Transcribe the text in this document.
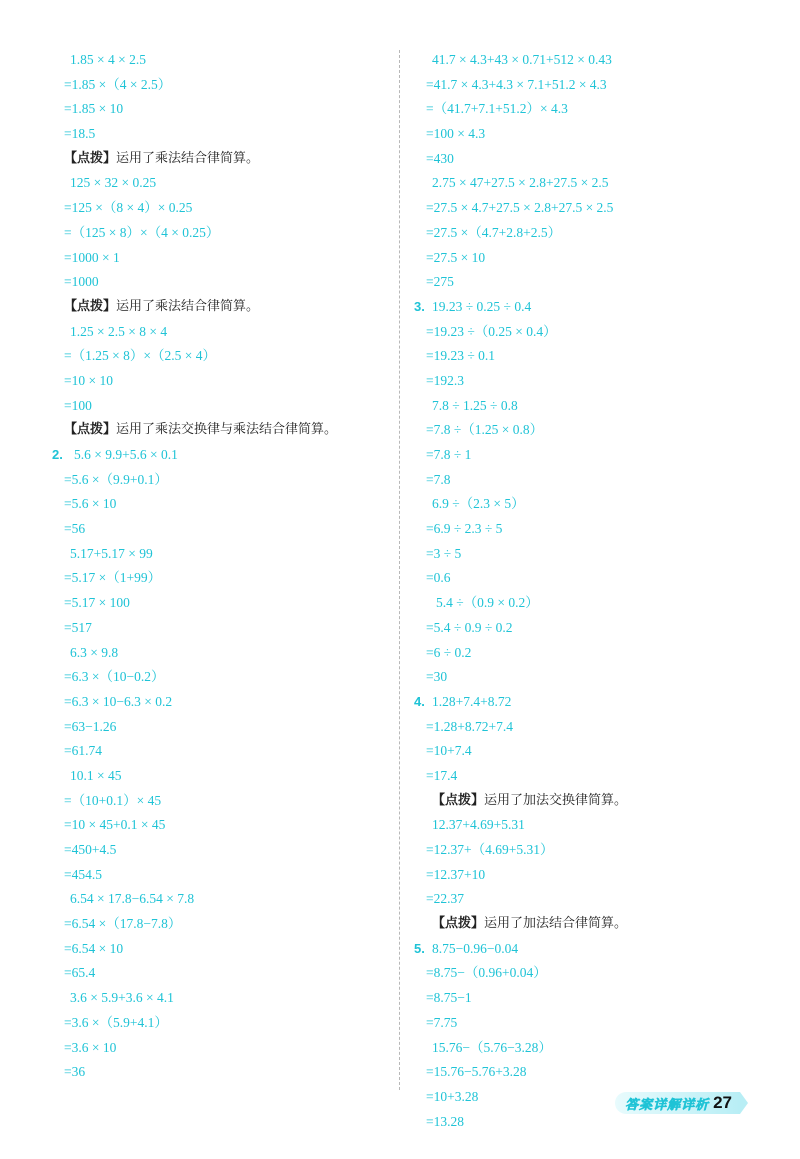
1.85 × 4 × 2.5
=1.85 ×（4 × 2.5）
=1.85 × 10
=18.5
【点拨】运用了乘法结合律简算。
125 × 32 × 0.25
=125 ×（8 × 4）× 0.25
=（125 × 8）×（4 × 0.25）
=1000 × 1
=1000
【点拨】运用了乘法结合律简算。
1.25 × 2.5 × 8 × 4
=（1.25 × 8）×（2.5 × 4）
=10 × 10
=100
【点拨】运用了乘法交换律与乘法结合律简算。
2. 5.6 × 9.9+5.6 × 0.1
=5.6 ×（9.9+0.1）
=5.6 × 10
=56
5.17+5.17 × 99
=5.17 ×（1+99）
=5.17 × 100
=517
6.3 × 9.8
=6.3 ×（10−0.2）
=6.3 × 10−6.3 × 0.2
=63−1.26
=61.74
10.1 × 45
=（10+0.1）× 45
=10 × 45+0.1 × 45
=450+4.5
=454.5
6.54 × 17.8−6.54 × 7.8
=6.54 ×（17.8−7.8）
=6.54 × 10
=65.4
3.6 × 5.9+3.6 × 4.1
=3.6 ×（5.9+4.1）
=3.6 × 10
=36
41.7 × 4.3+43 × 0.71+512 × 0.43
=41.7 × 4.3+4.3 × 7.1+51.2 × 4.3
=（41.7+7.1+51.2）× 4.3
=100 × 4.3
=430
2.75 × 47+27.5 × 2.8+27.5 × 2.5
=27.5 × 4.7+27.5 × 2.8+27.5 × 2.5
=27.5 ×（4.7+2.8+2.5）
=27.5 × 10
=275
3. 19.23 ÷ 0.25 ÷ 0.4
=19.23 ÷（0.25 × 0.4）
=19.23 ÷ 0.1
=192.3
7.8 ÷ 1.25 ÷ 0.8
=7.8 ÷（1.25 × 0.8）
=7.8 ÷ 1
=7.8
6.9 ÷（2.3 × 5）
=6.9 ÷ 2.3 ÷ 5
=3 ÷ 5
=0.6
5.4 ÷（0.9 × 0.2）
=5.4 ÷ 0.9 ÷ 0.2
=6 ÷ 0.2
=30
4. 1.28+7.4+8.72
=1.28+8.72+7.4
=10+7.4
=17.4
【点拨】运用了加法交换律简算。
12.37+4.69+5.31
=12.37+（4.69+5.31）
=12.37+10
=22.37
【点拨】运用了加法结合律简算。
5. 8.75−0.96−0.04
=8.75−（0.96+0.04）
=8.75−1
=7.75
15.76−（5.76−3.28）
=15.76−5.76+3.28
=10+3.28
=13.28
答案详解详析 27
